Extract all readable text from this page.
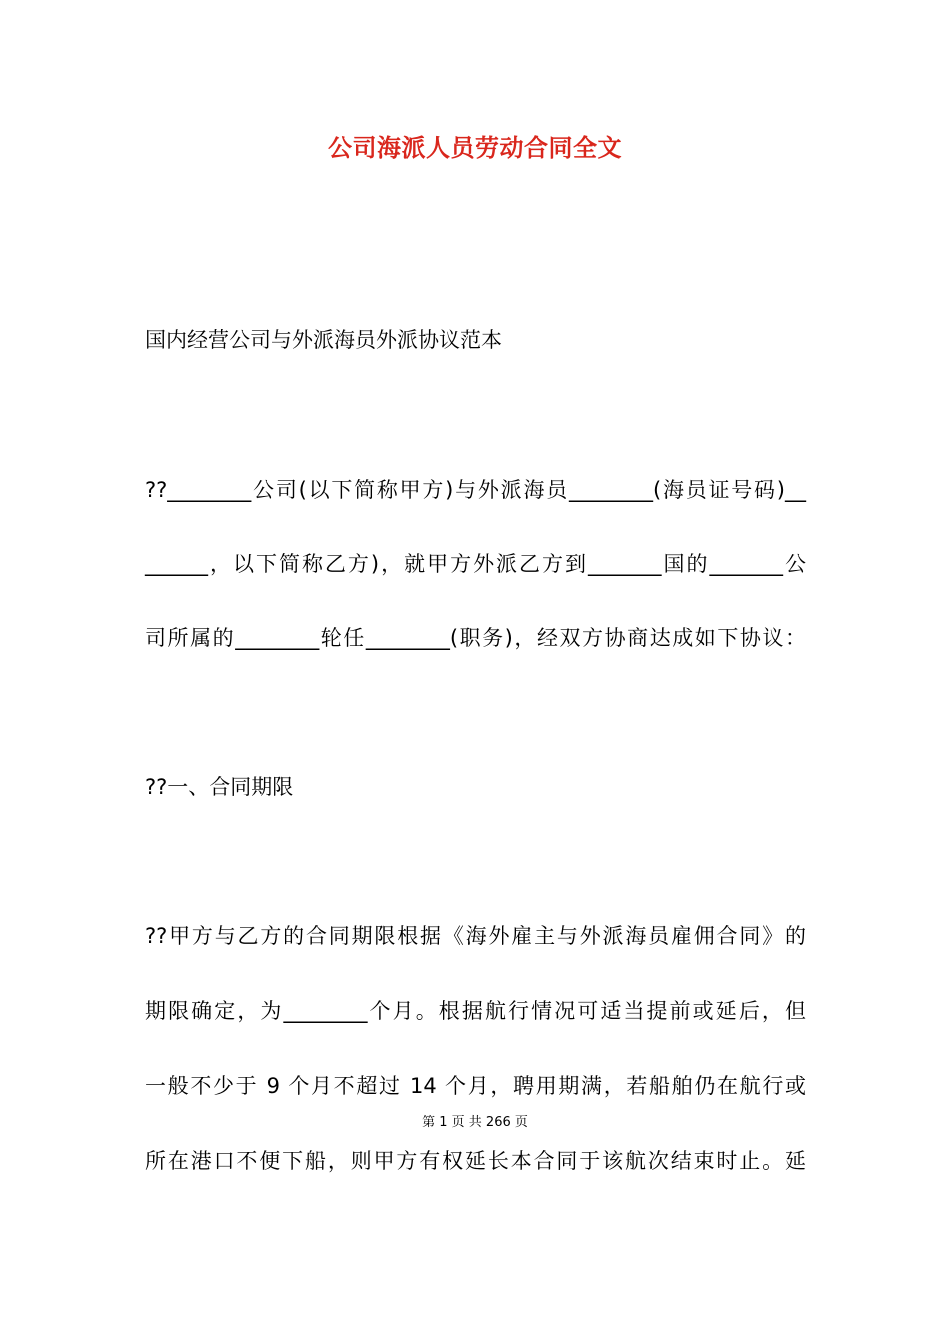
公司海派人员劳动合同全文
国内经营公司与外派海员外派协议范本
??________公司(以下简称甲方)与外派海员________(海员证号码)__
______，以下简称乙方)，就甲方外派乙方到_______国的_______公
司所属的________轮任________(职务)，经双方协商达成如下协议：
??一、合同期限
??甲方与乙方的合同期限根据《海外雇主与外派海员雇佣合同》的
期限确定，为________个月。根据航行情况可适当提前或延后，但
一般不少于 9 个月不超过 14 个月，聘用期满，若船舶仍在航行或
第 1 页 共 266 页
所在港口不便下船，则甲方有权延长本合同于该航次结束时止。延
